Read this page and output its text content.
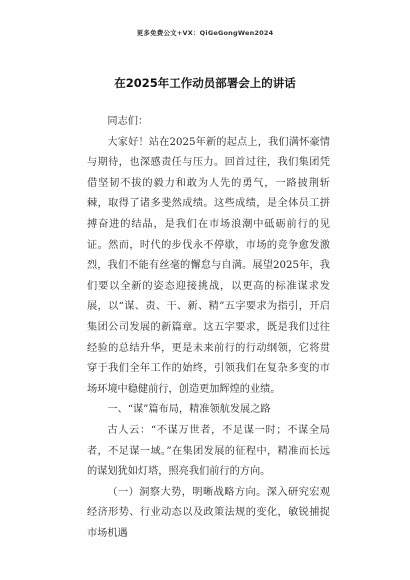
更多免费公文+VX：QiGeGongWen2024
在2025年工作动员部署会上的讲话

同志们：

大家好！站在2025年新的起点上，我们满怀豪情与期待，也深感责任与压力。回首过往，我们集团凭借坚韧不拔的毅力和敢为人先的勇气，一路披荆斩棘，取得了诸多斐然成绩。这些成绩，是全体员工拼搏奋进的结晶，是我们在市场浪潮中砥砺前行的见证。然而，时代的步伐永不停歇，市场的竞争愈发激烈，我们不能有丝毫的懈怠与自满。展望2025年，我们要以全新的姿态迎接挑战，以更高的标准谋求发展，以“谋、责、干、新、精”五字要求为指引，开启集团公司发展的新篇章。这五字要求，既是我们过往经验的总结升华，更是未来前行的行动纲领，它将贯穿于我们全年工作的始终，引领我们在复杂多变的市场环境中稳健前行，创造更加辉煌的业绩。

一、“谋”篇布局，精准领航发展之路

古人云：“不谋万世者，不足谋一时；不谋全局者，不足谋一域。”在集团发展的征程中，精准而长远的谋划犹如灯塔，照亮我们前行的方向。

（一）洞察大势，明晰战略方向。深入研究宏观经济形势、行业动态以及政策法规的变化，敏锐捕捉市场机遇
